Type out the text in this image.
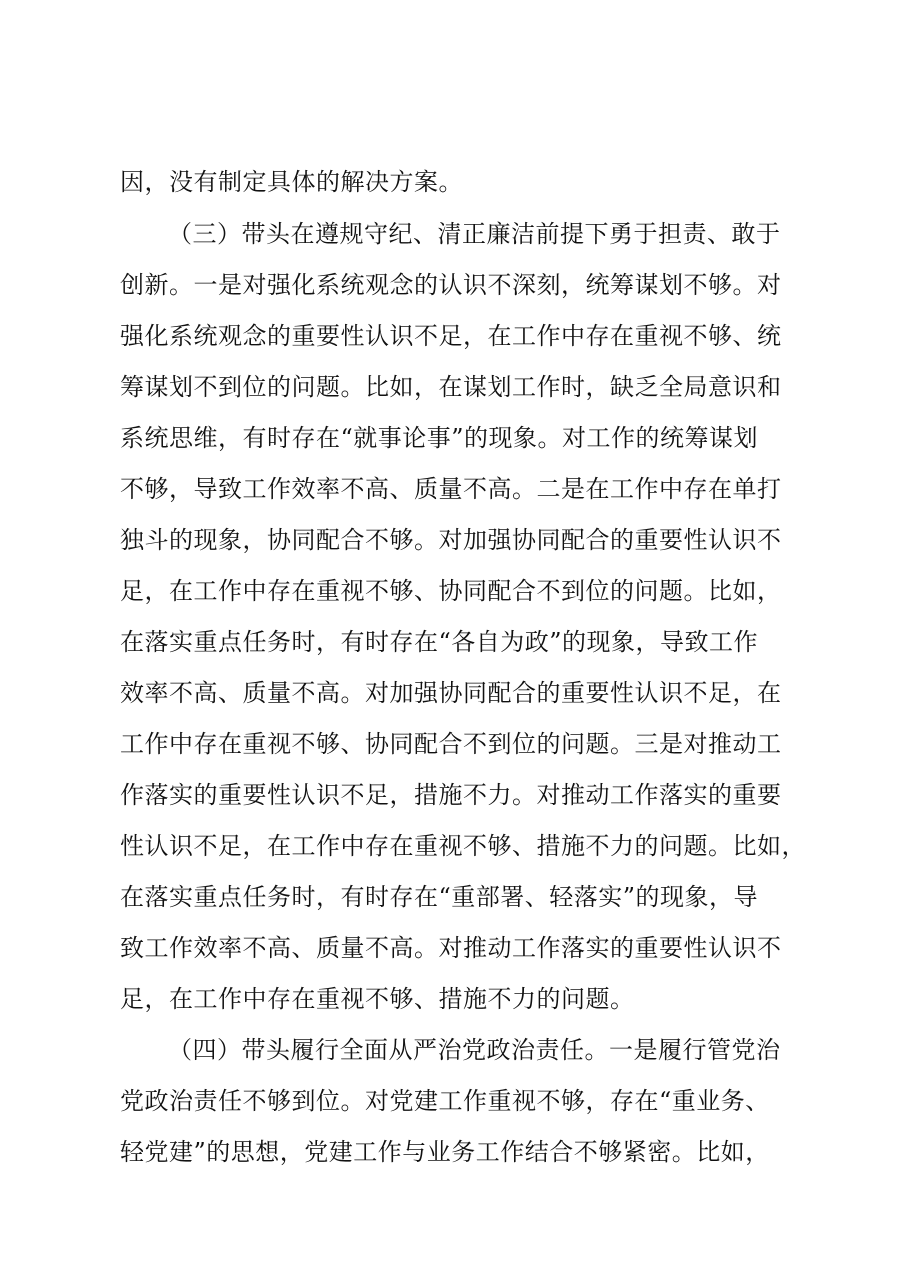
因，没有制定具体的解决方案。
（三）带头在遵规守纪、清正廉洁前提下勇于担责、敢于
创新。一是对强化系统观念的认识不深刻，统筹谋划不够。对
强化系统观念的重要性认识不足，在工作中存在重视不够、统
筹谋划不到位的问题。比如，在谋划工作时，缺乏全局意识和
系统思维，有时存在“就事论事”的现象。对工作的统筹谋划
不够，导致工作效率不高、质量不高。二是在工作中存在单打
独斗的现象，协同配合不够。对加强协同配合的重要性认识不
足，在工作中存在重视不够、协同配合不到位的问题。比如，
在落实重点任务时，有时存在“各自为政”的现象，导致工作
效率不高、质量不高。对加强协同配合的重要性认识不足，在
工作中存在重视不够、协同配合不到位的问题。三是对推动工
作落实的重要性认识不足，措施不力。对推动工作落实的重要
性认识不足，在工作中存在重视不够、措施不力的问题。比如，
在落实重点任务时，有时存在“重部署、轻落实”的现象，导
致工作效率不高、质量不高。对推动工作落实的重要性认识不
足，在工作中存在重视不够、措施不力的问题。
（四）带头履行全面从严治党政治责任。一是履行管党治
党政治责任不够到位。对党建工作重视不够，存在“重业务、
轻党建”的思想，党建工作与业务工作结合不够紧密。比如，
